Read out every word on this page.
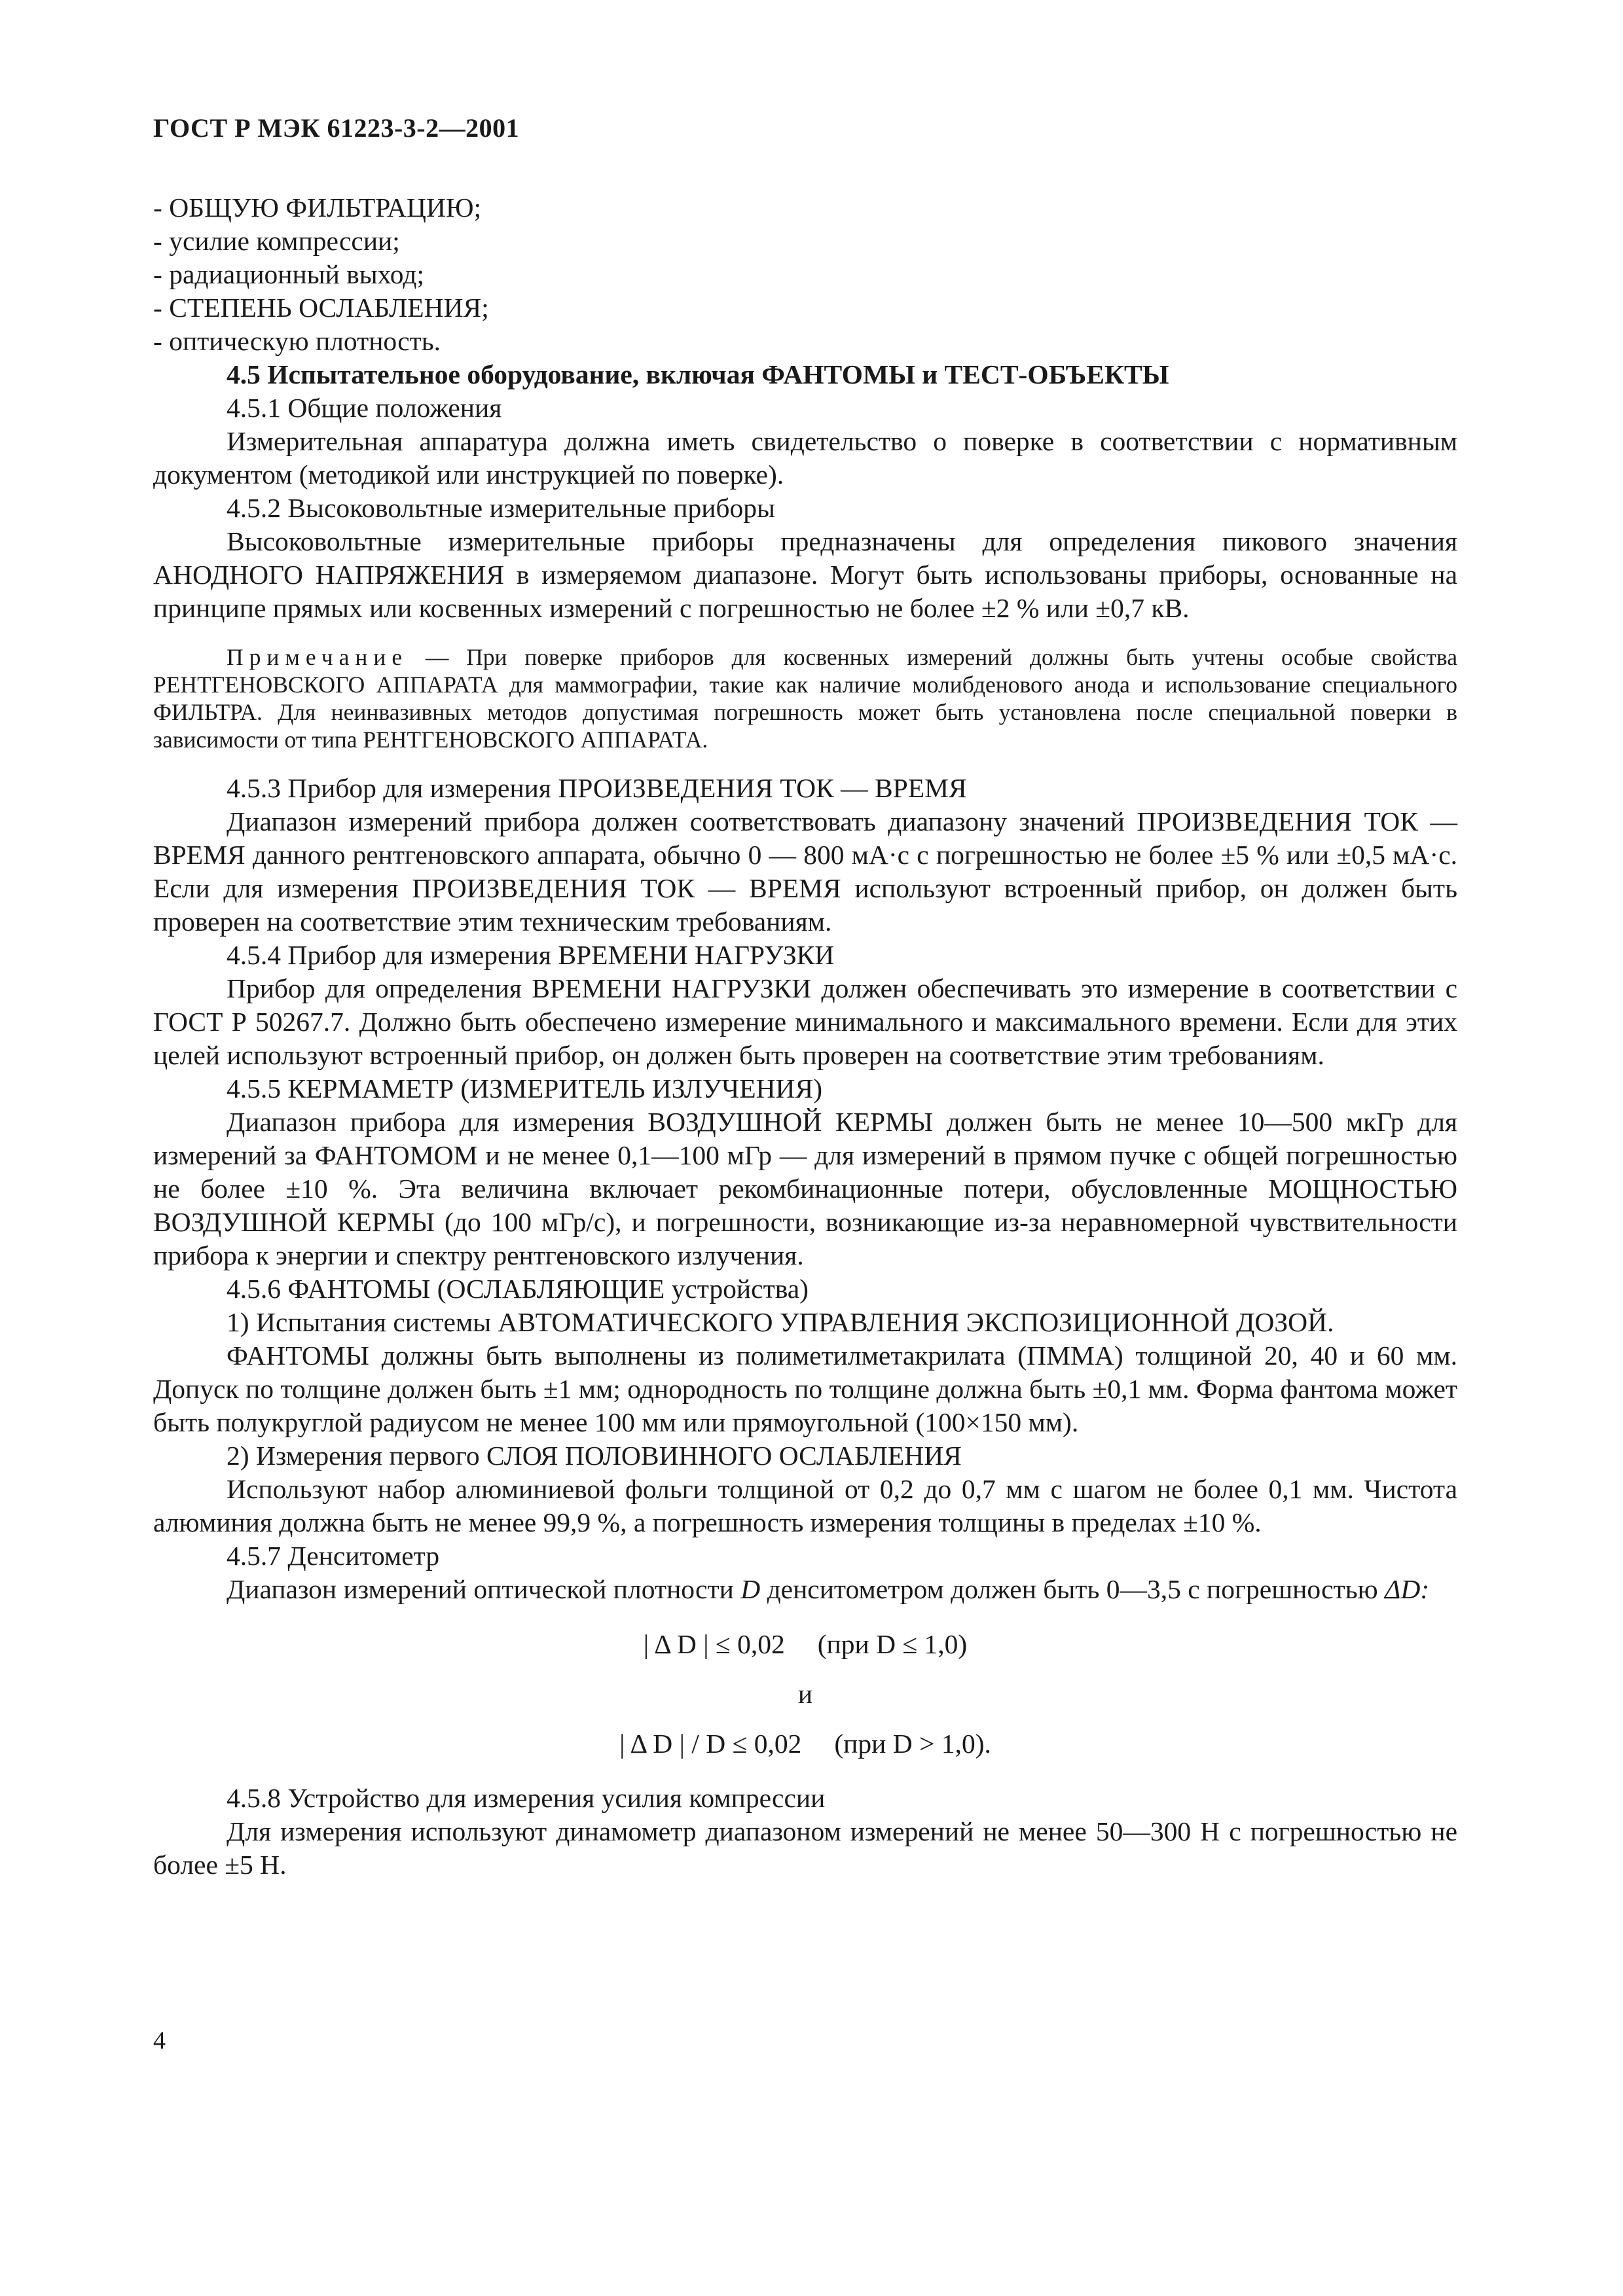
ГОСТ Р МЭК 61223-3-2—2001

- ОБЩУЮ ФИЛЬТРАЦИЮ;

- усилие компрессии;

- радиационный выход;

- СТЕПЕНЬ ОСЛАБЛЕНИЯ;

- оптическую плотность.

4.5 Испытательное оборудование, включая ФАНТОМЫ и ТЕСТ-ОБЪЕКТЫ

4.5.1 Общие положения

Измерительная аппаратура должна иметь свидетельство о поверке в соответствии с нормативным документом (методикой или инструкцией по поверке).

4.5.2 Высоковольтные измерительные приборы

Высоковольтные измерительные приборы предназначены для определения пикового значения АНОДНОГО НАПРЯЖЕНИЯ в измеряемом диапазоне. Могут быть использованы приборы, основанные на принципе прямых или косвенных измерений с погрешностью не более ±2 % или ±0,7 кВ.

Примечание — При поверке приборов для косвенных измерений должны быть учтены особые свойства РЕНТГЕНОВСКОГО АППАРАТА для маммографии, такие как наличие молибденового анода и использование специального ФИЛЬТРА. Для неинвазивных методов допустимая погрешность может быть установлена после специальной поверки в зависимости от типа РЕНТГЕНОВСКОГО АППАРАТА.

4.5.3 Прибор для измерения ПРОИЗВЕДЕНИЯ ТОК — ВРЕМЯ

Диапазон измерений прибора должен соответствовать диапазону значений ПРОИЗВЕДЕНИЯ ТОК — ВРЕМЯ данного рентгеновского аппарата, обычно 0 — 800 мА·с с погрешностью не более ±5 % или ±0,5 мА·с. Если для измерения ПРОИЗВЕДЕНИЯ ТОК — ВРЕМЯ используют встроенный прибор, он должен быть проверен на соответствие этим техническим требованиям.

4.5.4 Прибор для измерения ВРЕМЕНИ НАГРУЗКИ

Прибор для определения ВРЕМЕНИ НАГРУЗКИ должен обеспечивать это измерение в соответствии с ГОСТ Р 50267.7. Должно быть обеспечено измерение минимального и максимального времени. Если для этих целей используют встроенный прибор, он должен быть проверен на соответствие этим требованиям.

4.5.5 КЕРМАМЕТР (ИЗМЕРИТЕЛЬ ИЗЛУЧЕНИЯ)

Диапазон прибора для измерения ВОЗДУШНОЙ КЕРМЫ должен быть не менее 10—500 мкГр для измерений за ФАНТОМОМ и не менее 0,1—100 мГр — для измерений в прямом пучке с общей погрешностью не более ±10 %. Эта величина включает рекомбинационные потери, обусловленные МОЩНОСТЬЮ ВОЗДУШНОЙ КЕРМЫ (до 100 мГр/с), и погрешности, возникающие из-за неравномерной чувствительности прибора к энергии и спектру рентгеновского излучения.

4.5.6 ФАНТОМЫ (ОСЛАБЛЯЮЩИЕ устройства)

1) Испытания системы АВТОМАТИЧЕСКОГО УПРАВЛЕНИЯ ЭКСПОЗИЦИОННОЙ ДОЗОЙ.

ФАНТОМЫ должны быть выполнены из полиметилметакрилата (ПММА) толщиной 20, 40 и 60 мм. Допуск по толщине должен быть ±1 мм; однородность по толщине должна быть ±0,1 мм. Форма фантома может быть полукруглой радиусом не менее 100 мм или прямоугольной (100×150 мм).

2) Измерения первого СЛОЯ ПОЛОВИННОГО ОСЛАБЛЕНИЯ

Используют набор алюминиевой фольги толщиной от 0,2 до 0,7 мм с шагом не более 0,1 мм. Чистота алюминия должна быть не менее 99,9 %, а погрешность измерения толщины в пределах ±10 %.

4.5.7 Денситометр

Диапазон измерений оптической плотности D денситометром должен быть 0—3,5 с погрешностью ΔD:

| Δ D | ≤ 0,02 (при D ≤ 1,0)
и
| Δ D | / D ≤ 0,02 (при D > 1,0).

4.5.8 Устройство для измерения усилия компрессии

Для измерения используют динамометр диапазоном измерений не менее 50—300 Н с погрешностью не более ±5 Н.

4
